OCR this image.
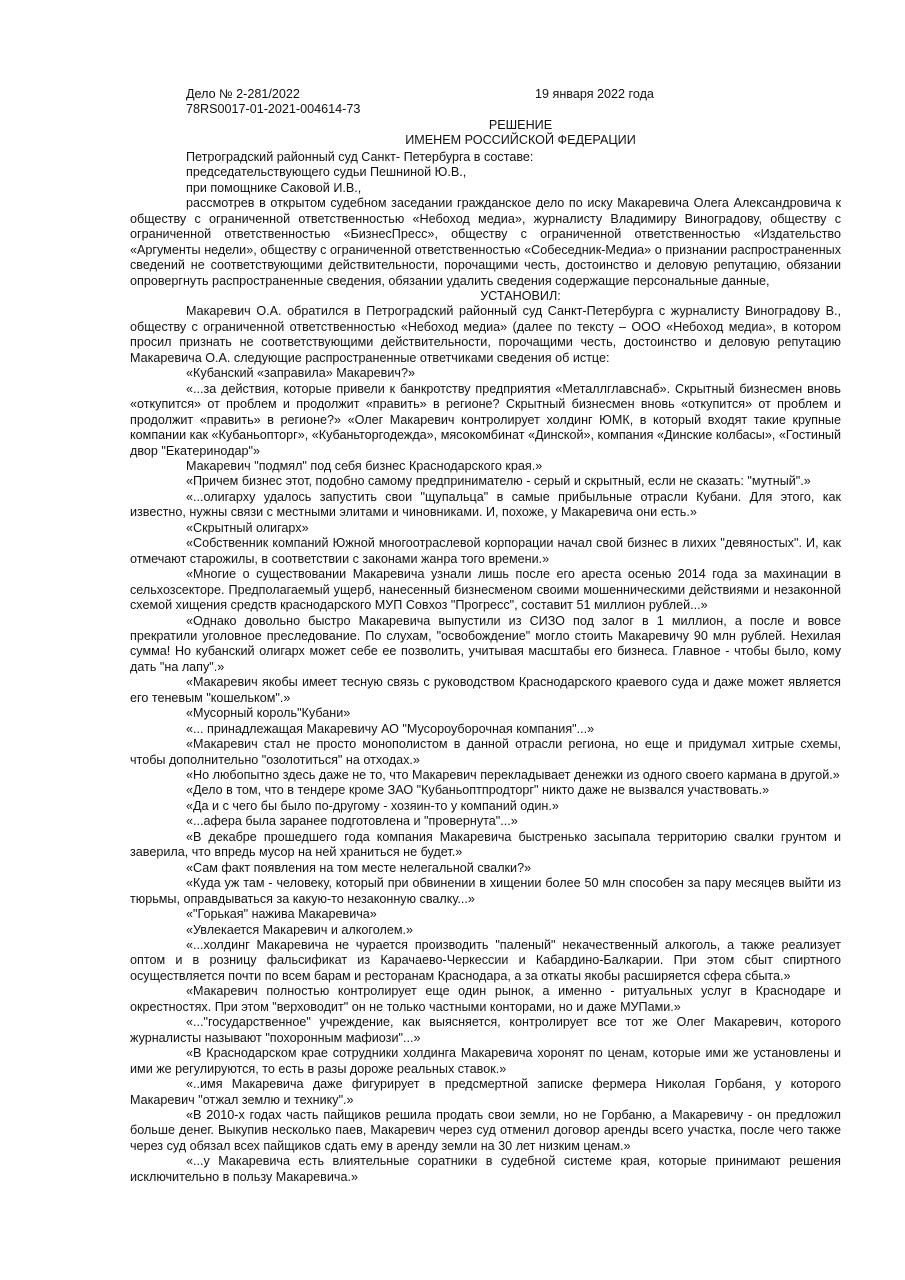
Дело № 2-281/2022
78RS0017-01-2021-004614-73
19 января 2022 года

РЕШЕНИЕ

ИМЕНЕМ РОССИЙСКОЙ ФЕДЕРАЦИИ

Петроградский районный суд Санкт- Петербурга в составе:

председательствующего судьи Пешниной Ю.В.,

при помощнике Саковой И.В.,

рассмотрев в открытом судебном заседании гражданское дело по иску Макаревича Олега Александровича к обществу с ограниченной ответственностью «Небоход медиа», журналисту Владимиру Виноградову, обществу с ограниченной ответственностью «БизнесПресс», обществу с ограниченной ответственностью «Издательство «Аргументы недели», обществу с ограниченной ответственностью «Собеседник-Медиа» о признании распространенных сведений не соответствующими действительности, порочащими честь, достоинство и деловую репутацию, обязании опровергнуть распространенные сведения, обязании удалить сведения содержащие персональные данные,

УСТАНОВИЛ:

Макаревич О.А. обратился в Петроградский районный суд Санкт-Петербурга с журналисту Виноградову В., обществу с ограниченной ответственностью «Небоход медиа» (далее по тексту – ООО «Небоход медиа», в котором просил признать не соответствующими действительности, порочащими честь, достоинство и деловую репутацию Макаревича О.А. следующие распространенные ответчиками сведения об истце:

«Кубанский «заправила» Макаревич?»

«...за действия, которые привели к банкротству предприятия «Металлглавснаб». Скрытный бизнесмен вновь «откупится» от проблем и продолжит «править» в регионе? Скрытный бизнесмен вновь «откупится» от проблем и продолжит «править» в регионе?» «Олег Макаревич контролирует холдинг ЮМК, в который входят такие крупные компании как «Кубаньопторг», «Кубаньторгодежда», мясокомбинат «Динской», компания «Динские колбасы», «Гостиный двор "Екатеринодар"»

Макаревич "подмял" под себя бизнес Краснодарского края.»

«Причем бизнес этот, подобно самому предпринимателю - серый и скрытный, если не сказать: "мутный".»

«...олигарху удалось запустить свои "щупальца" в самые прибыльные отрасли Кубани. Для этого, как известно, нужны связи с местными элитами и чиновниками. И, похоже, у Макаревича они есть.»

«Скрытный олигарх»

«Собственник компаний Южной многоотраслевой корпорации начал свой бизнес в лихих "девяностых". И, как отмечают старожилы, в соответствии с законами жанра того времени.»

«Многие о существовании Макаревича узнали лишь после его ареста осенью 2014 года за махинации в сельхозсекторе. Предполагаемый ущерб, нанесенный бизнесменом своими мошенническими действиями и незаконной схемой хищения средств краснодарского МУП Совхоз "Прогресс", составит 51 миллион рублей...»

«Однако довольно быстро Макаревича выпустили из СИЗО под залог в 1 миллион, а после и вовсе прекратили уголовное преследование. По слухам, "освобождение" могло стоить Макаревичу 90 млн рублей. Нехилая сумма! Но кубанский олигарх может себе ее позволить, учитывая масштабы его бизнеса. Главное - чтобы было, кому дать "на лапу".»

«Макаревич якобы имеет тесную связь с руководством Краснодарского краевого суда и даже может является его теневым "кошельком".»

«Мусорный король"Кубани»

«... принадлежащая Макаревичу АО "Мусороуборочная компания"...»

«Макаревич стал не просто монополистом в данной отрасли региона, но еще и придумал хитрые схемы, чтобы дополнительно "озолотиться" на отходах.»

«Но любопытно здесь даже не то, что Макаревич перекладывает денежки из одного своего кармана в другой.»

«Дело в том, что в тендере кроме ЗАО "Кубаньоптпродторг" никто даже не вызвался участвовать.»

«Да и с чего бы было по-другому - хозяин-то у компаний один.»

«...афера была заранее подготовлена и "провернута"...»

«В декабре прошедшего года компания Макаревича быстренько засыпала территорию свалки грунтом и заверила, что впредь мусор на ней храниться не будет.»

«Сам факт появления на том месте нелегальной свалки?»

«Куда уж там - человеку, который при обвинении в хищении более 50 млн способен за пару месяцев выйти из тюрьмы, оправдываться за какую-то незаконную свалку...»

«"Горькая" нажива Макаревича»

«Увлекается Макаревич и алкоголем.»

«...холдинг Макаревича не чурается производить "паленый" некачественный алкоголь, а также реализует оптом и в розницу фальсификат из Карачаево-Черкессии и Кабардино-Балкарии. При этом сбыт спиртного осуществляется почти по всем барам и ресторанам Краснодара, а за откаты якобы расширяется сфера сбыта.»

«Макаревич полностью контролирует еще один рынок, а именно - ритуальных услуг в Краснодаре и окрестностях. При этом "верховодит" он не только частными конторами, но и даже МУПами.»

«..."государственное" учреждение, как выясняется, контролирует все тот же Олег Макаревич, которого журналисты называют "похоронным мафиози"...»

«В Краснодарском крае сотрудники холдинга Макаревича хоронят по ценам, которые ими же установлены и ими же регулируются, то есть в разы дороже реальных ставок.»

«..имя Макаревича даже фигурирует в предсмертной записке фермера Николая Горбаня, у которого Макаревич "отжал землю и технику".»

«В 2010-х годах часть пайщиков решила продать свои земли, но не Горбаню, а Макаревичу - он предложил больше денег. Выкупив несколько паев, Макаревич через суд отменил договор аренды всего участка, после чего также через суд обязал всех пайщиков сдать ему в аренду земли на 30 лет низким ценам.»

«...у Макаревича есть влиятельные соратники в судебной системе края, которые принимают решения исключительно в пользу Макаревича.»
